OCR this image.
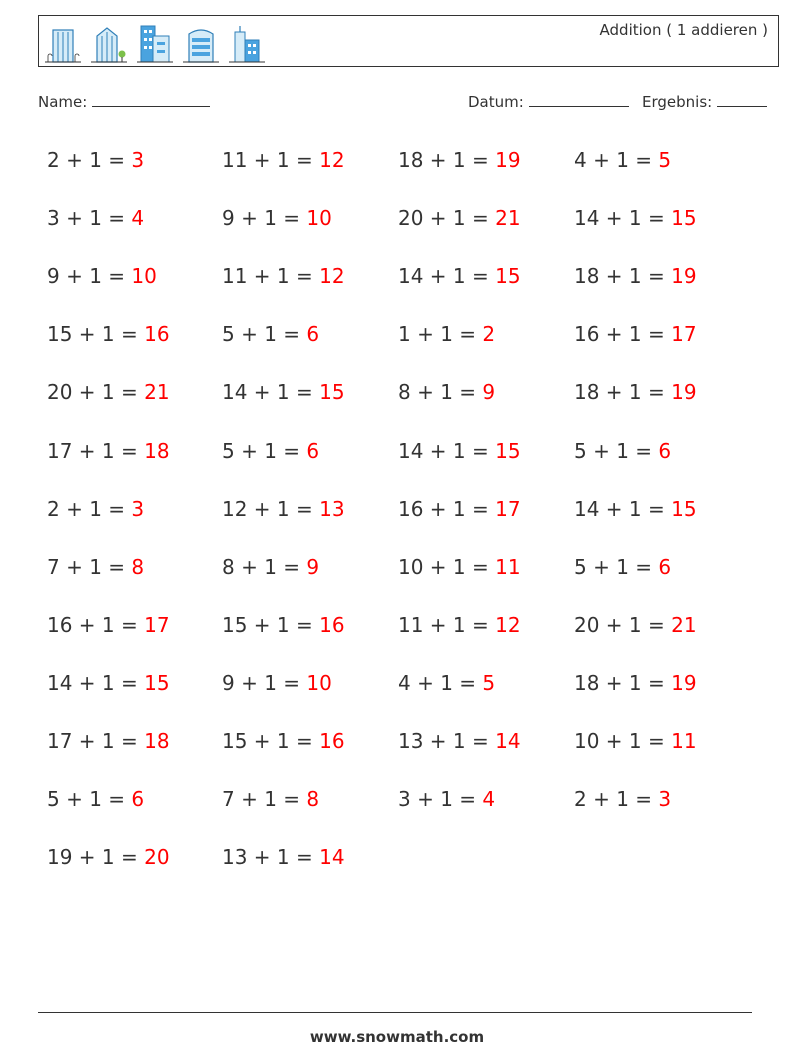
Addition ( 1 addieren )
Name:	Datum:	Ergebnis:
2 + 1 = 3	11 + 1 = 12	18 + 1 = 19	4 + 1 = 5
3 + 1 = 4	9 + 1 = 10	20 + 1 = 21	14 + 1 = 15
9 + 1 = 10	11 + 1 = 12	14 + 1 = 15	18 + 1 = 19
15 + 1 = 16	5 + 1 = 6	1 + 1 = 2	16 + 1 = 17
20 + 1 = 21	14 + 1 = 15	8 + 1 = 9	18 + 1 = 19
17 + 1 = 18	5 + 1 = 6	14 + 1 = 15	5 + 1 = 6
2 + 1 = 3	12 + 1 = 13	16 + 1 = 17	14 + 1 = 15
7 + 1 = 8	8 + 1 = 9	10 + 1 = 11	5 + 1 = 6
16 + 1 = 17	15 + 1 = 16	11 + 1 = 12	20 + 1 = 21
14 + 1 = 15	9 + 1 = 10	4 + 1 = 5	18 + 1 = 19
17 + 1 = 18	15 + 1 = 16	13 + 1 = 14	10 + 1 = 11
5 + 1 = 6	7 + 1 = 8	3 + 1 = 4	2 + 1 = 3
19 + 1 = 20	13 + 1 = 14
www.snowmath.com
